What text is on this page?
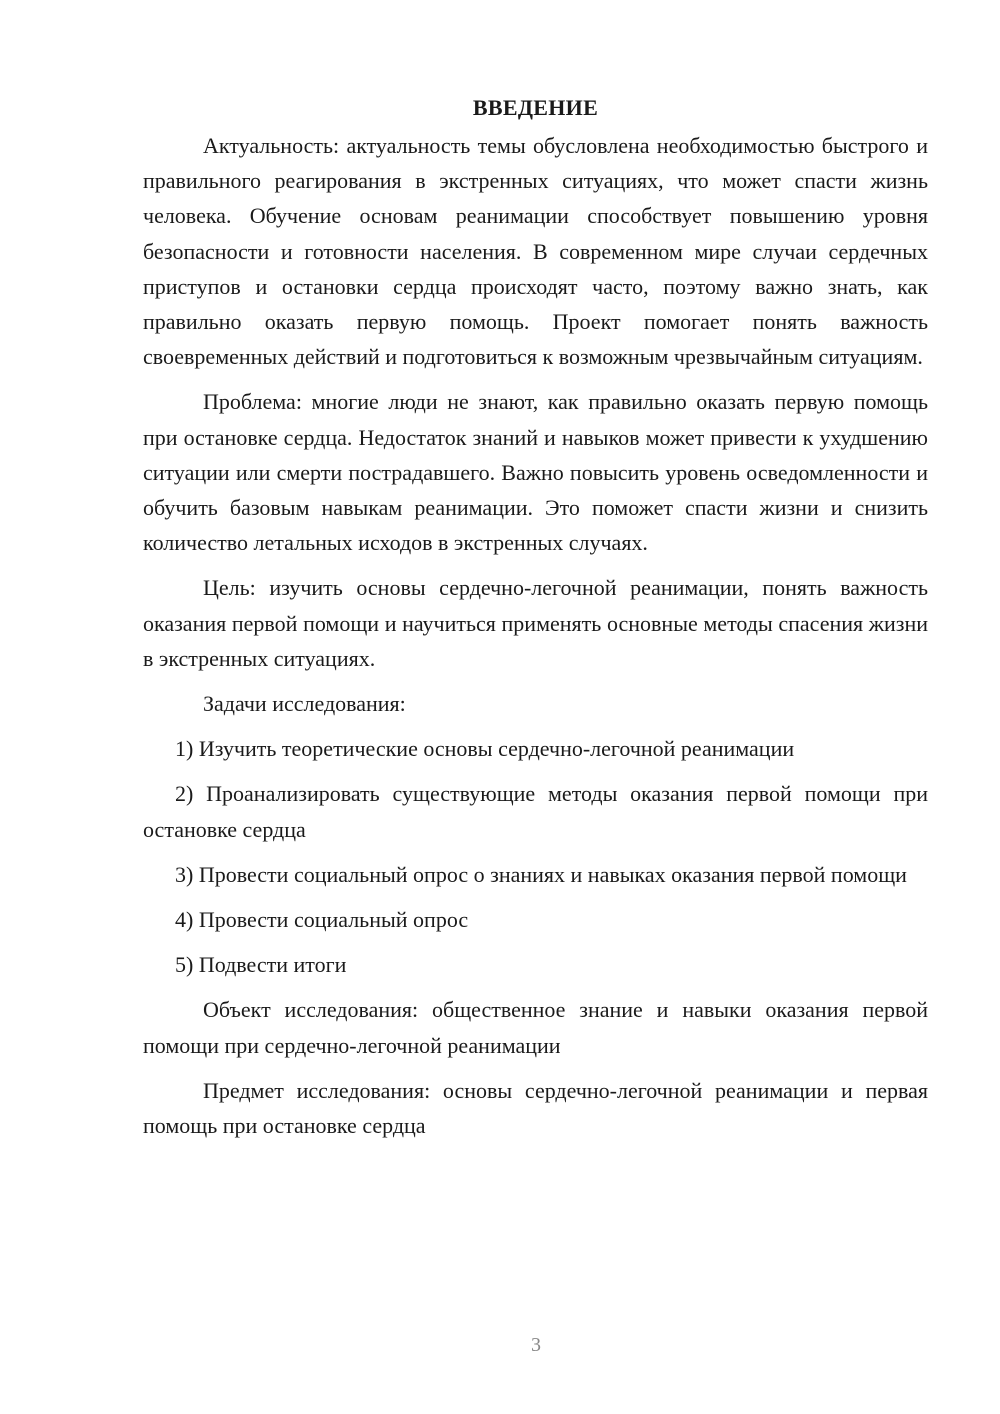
ВВЕДЕНИЕ

Актуальность: актуальность темы обусловлена необходимостью быстрого и правильного реагирования в экстренных ситуациях, что может спасти жизнь человека. Обучение основам реанимации способствует повышению уровня безопасности и готовности населения. В современном мире случаи сердечных приступов и остановки сердца происходят часто, поэтому важно знать, как правильно оказать первую помощь. Проект помогает понять важность своевременных действий и подготовиться к возможным чрезвычайным ситуациям.

Проблема: многие люди не знают, как правильно оказать первую помощь при остановке сердца. Недостаток знаний и навыков может привести к ухудшению ситуации или смерти пострадавшего. Важно повысить уровень осведомленности и обучить базовым навыкам реанимации. Это поможет спасти жизни и снизить количество летальных исходов в экстренных случаях.

Цель: изучить основы сердечно-легочной реанимации, понять важность оказания первой помощи и научиться применять основные методы спасения жизни в экстренных ситуациях.

Задачи исследования:

1) Изучить теоретические основы сердечно-легочной реанимации

2) Проанализировать существующие методы оказания первой помощи при остановке сердца

3) Провести социальный опрос о знаниях и навыках оказания первой помощи

4) Провести социальный опрос

5) Подвести итоги

Объект исследования: общественное знание и навыки оказания первой помощи при сердечно-легочной реанимации

Предмет исследования: основы сердечно-легочной реанимации и первая помощь при остановке сердца

3
